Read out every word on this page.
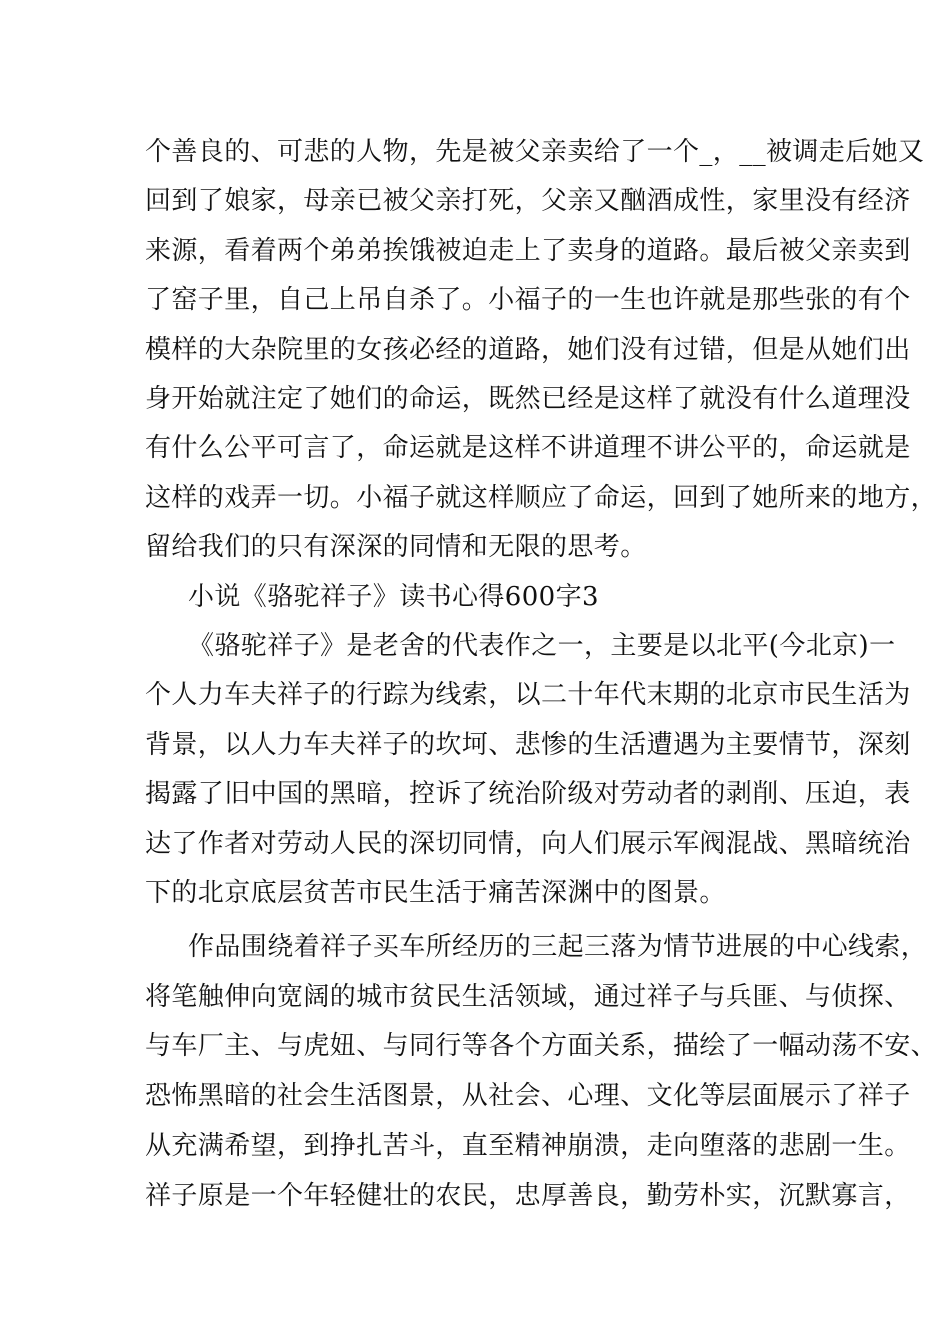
个善良的、可悲的人物，先是被父亲卖给了一个_，__被调走后她又
回到了娘家，母亲已被父亲打死，父亲又酗酒成性，家里没有经济
来源，看着两个弟弟挨饿被迫走上了卖身的道路。最后被父亲卖到
了窑子里，自己上吊自杀了。小福子的一生也许就是那些张的有个
模样的大杂院里的女孩必经的道路，她们没有过错，但是从她们出
身开始就注定了她们的命运，既然已经是这样了就没有什么道理没
有什么公平可言了，命运就是这样不讲道理不讲公平的，命运就是
这样的戏弄一切。小福子就这样顺应了命运，回到了她所来的地方，
留给我们的只有深深的同情和无限的思考。
小说《骆驼祥子》读书心得600字3
《骆驼祥子》是老舍的代表作之一，主要是以北平(今北京)一
个人力车夫祥子的行踪为线索，以二十年代末期的北京市民生活为
背景，以人力车夫祥子的坎坷、悲惨的生活遭遇为主要情节，深刻
揭露了旧中国的黑暗，控诉了统治阶级对劳动者的剥削、压迫，表
达了作者对劳动人民的深切同情，向人们展示军阀混战、黑暗统治
下的北京底层贫苦市民生活于痛苦深渊中的图景。
作品围绕着祥子买车所经历的三起三落为情节进展的中心线索，
将笔触伸向宽阔的城市贫民生活领域，通过祥子与兵匪、与侦探、
与车厂主、与虎妞、与同行等各个方面关系，描绘了一幅动荡不安、
恐怖黑暗的社会生活图景，从社会、心理、文化等层面展示了祥子
从充满希望，到挣扎苦斗，直至精神崩溃，走向堕落的悲剧一生。
祥子原是一个年轻健壮的农民，忠厚善良，勤劳朴实，沉默寡言，
